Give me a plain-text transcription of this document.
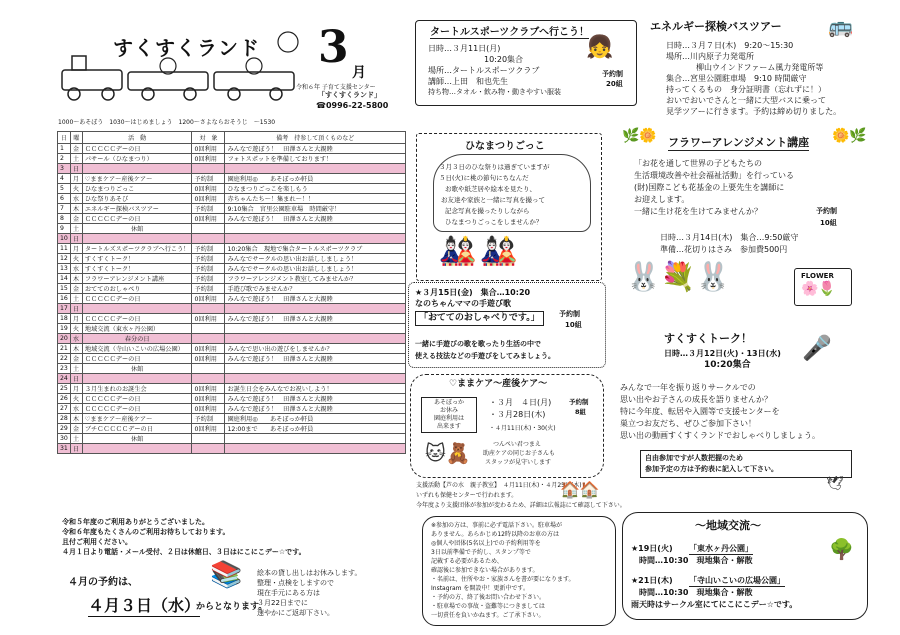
すくすくランド 3 月
令和６年 子育て支援センター
「すくすくランド」
☎0996-22-5800
1000～あそぼう　1030～はじめましょう　1200～さよならおそうじ　～1530
日	曜	活　動	対　象	備考　持参して頂くものなど
1	金	ＣＣＣＣＣデーの日	0回利用	みんなで遊ぼう！　田澤さんと大親睦
2	土	パサール（ひなまつり）	0回利用	フォトスポットを準備しております！
3	日			
4	月	♡ままケア～産後ケア～	予約制	園庭利用◎　　あそぼっか軒員
5	火	ひなまつりごっこ	0回利用	ひなまつりごっこを楽しもう
6	水	ひな祭りあそび	0回利用	赤ちゃんたち～！集まれ～！！
7	木	エネルギー探検バスツアー	予約制	9:10集合　宮里公園駐車場　時間厳守！
8	金	ＣＣＣＣＣデーの日	0回利用	みんなで遊ぼう！　田澤さんと大親睦
9	土	休館		
10	日			
11	月	タートルズスポーツクラブへ行こう！	予約制	10:20集合　現地で集合タートルスポーツクラブ
12	火	すくすくトーク！	予約制	みんなでサークルの思い出お話ししましょう！
13	水	すくすくトーク！	予約制	みんなでサークルの思い出お話ししましょう！
14	木	フラワーアレンジメント講座	予約制	フラワーアレンジメント教室してみませんか？
15	金	おててのおしゃべり	予約制	手遊び歌でみませんか？
16	土	ＣＣＣＣＣデーの日	0回利用	みんなで遊ぼう！　田澤さんと大親睦
17	日			
18	月	ＣＣＣＣＣデーの日	0回利用	みんなで遊ぼう！　田澤さんと大親睦
19	火	地域交流（東水ヶ丹公園）		
20	水	春分の日		
21	木	地域交流（寺山いこいの広場公園）	0回利用	みんなで思い出の遊びをしませんか？
22	金	ＣＣＣＣＣデーの日	0回利用	みんなで遊ぼう！　田澤さんと大親睦
23	土	休館		
24	日			
25	月	３月生まれのお誕生会	0回利用	お誕生日会をみんなでお祝いしよう！
26	火	ＣＣＣＣＣデーの日	0回利用	みんなで遊ぼう！　田澤さんと大親睦
27	水	ＣＣＣＣＣデーの日	0回利用	みんなで遊ぼう！　田澤さんと大親睦
28	木	♡ままケア～産後ケア～	予約制	園庭利用◎　　あそぼっか軒員
29	金	ブチＣＣＣＣＣデーの日	0回利用	12:00まで　　あそぼっか軒員
30	土	休館		
31	日			
令和５年度のご利用ありがとうございました。
令和６年度もたくさんのご利用お待ちしております。
且付ご利用ください。
４月１日より電話・メール受付、２日は休館日、３日はにこにこデー☆です。
４月の予約は、
４月３日（水）
からとなります。
絵本の貸し出しはお休みします。
整理・点検をしますので
現在手元にある方は
３月22日までに
速やかにご返却下さい。
📚
タートルスポーツクラブへ行こう！
日時…３月11日(月)
10:20集合
場所…タートルスポーツクラブ
講師…上田　和也先生
持ち物…タオル・飲み物・動きやすい服装
予約制
20組
👧
ひなまつりごっこ
３月３日のひな祭りは過ぎていますが
５日(火)に桃の節句にちなんだ
お歌や紙芝居や絵本を見たり、
お友達や家族と一緒に写真を撮って
記念写真を撮ったりしながら
ひなまつりごっこをしませんか？
🎎🎎
★３月15日(金)　集合…10:20
なのちゃんママの手遊び歌
「おててのおしゃべりです。」	予約制
10組
一緒に手遊びの歌を歌ったり生活の中で
使える技法などの手遊びをしてみましょう。
♡ままケア～産後ケア～
あそぼっか
お休み
園庭利用は
出来ます
・３月　４日(月)
・３月28日(木)
・４月11日(木)・30(火)
予約制
8組
つんぺい君つまえ
助産ケアの同じお子さんも
スタッフが見守いします
🐱🧸
支援活動【芦の水　親子教室】　４月11日(木)・４月25日(木)
いずれも保健センターで行われます。
今年度より支援団体が参加が変わるため、詳細は広報誌にて確認して下さい。
※参加の方は、事前に必ず電話下さい。駐車場が
ありません。あらかじめ12時以降のお車の方は
◎個人や団体(5名以上)での予約利用等を
3日以前準備で予約し、スタンプ等で
記載する必要があるため、
確認後に参加できない場合があります。
・名前は、住所やお・家族さんを書が要になります。
Instagram を開設中！更新中です。
・予約の方、終了後お問い合わせ下さい。
・駐車場での事故・盗難等につきましては
一切責任を負いかねます。ご了承下さい。
エネルギー探検バスツアー 🚌
日時…３月７日(木)　9:20～15:30
場所…川内原子力発電所
柳山ウインドファーム風力発電所等
集合…宮里公園駐車場　9:10 時間厳守
持ってくるもの　身分証明書（忘れずに！）
おいでおいでさんと一緒に大型バスに乗って
見学ツアーに行きます。予約は締め切りました。
🌿🌼 フラワーアレンジメント講座 🌼🌿
「お花を通して世界の子どもたちの
生活環境改善や社会福祉活動」を行っている
(財)国際こども花基金の上要先生を講師に
お迎えします。
一緒に生け花を生けてみませんか？	予約制
10組
日時…３月14日(木)　集合…9:50厳守
準備…花切りはさみ　参加費500円
🐰💐🐰	FLOWER
🌸🌷
すくすくトーク！
日時…３月12日(火)・13日(水)
10:20集合
🎤
みんなで一年を振り返りサークルでの
思い出やお子さんの成長を語りませんか？
特に今年度、転居や入園等で支援センターを
巣立つお友だち、ぜひご参加下さい！
思い出の動画すくすくランドでおしゃべりしましょう。
自由参加ですが人数把握のため
参加予定の方は予約表に記入して下さい。
🕊
～地域交流～
★19日(火) 「東水ヶ丹公園」
時間…10:30　現地集合・解散
★21日(木) 「寺山いこいの広場公園」
時間…10:30　現地集合・解散
雨天時はサークル室にてにこにこデー☆です。
🌳
🏠🏠
